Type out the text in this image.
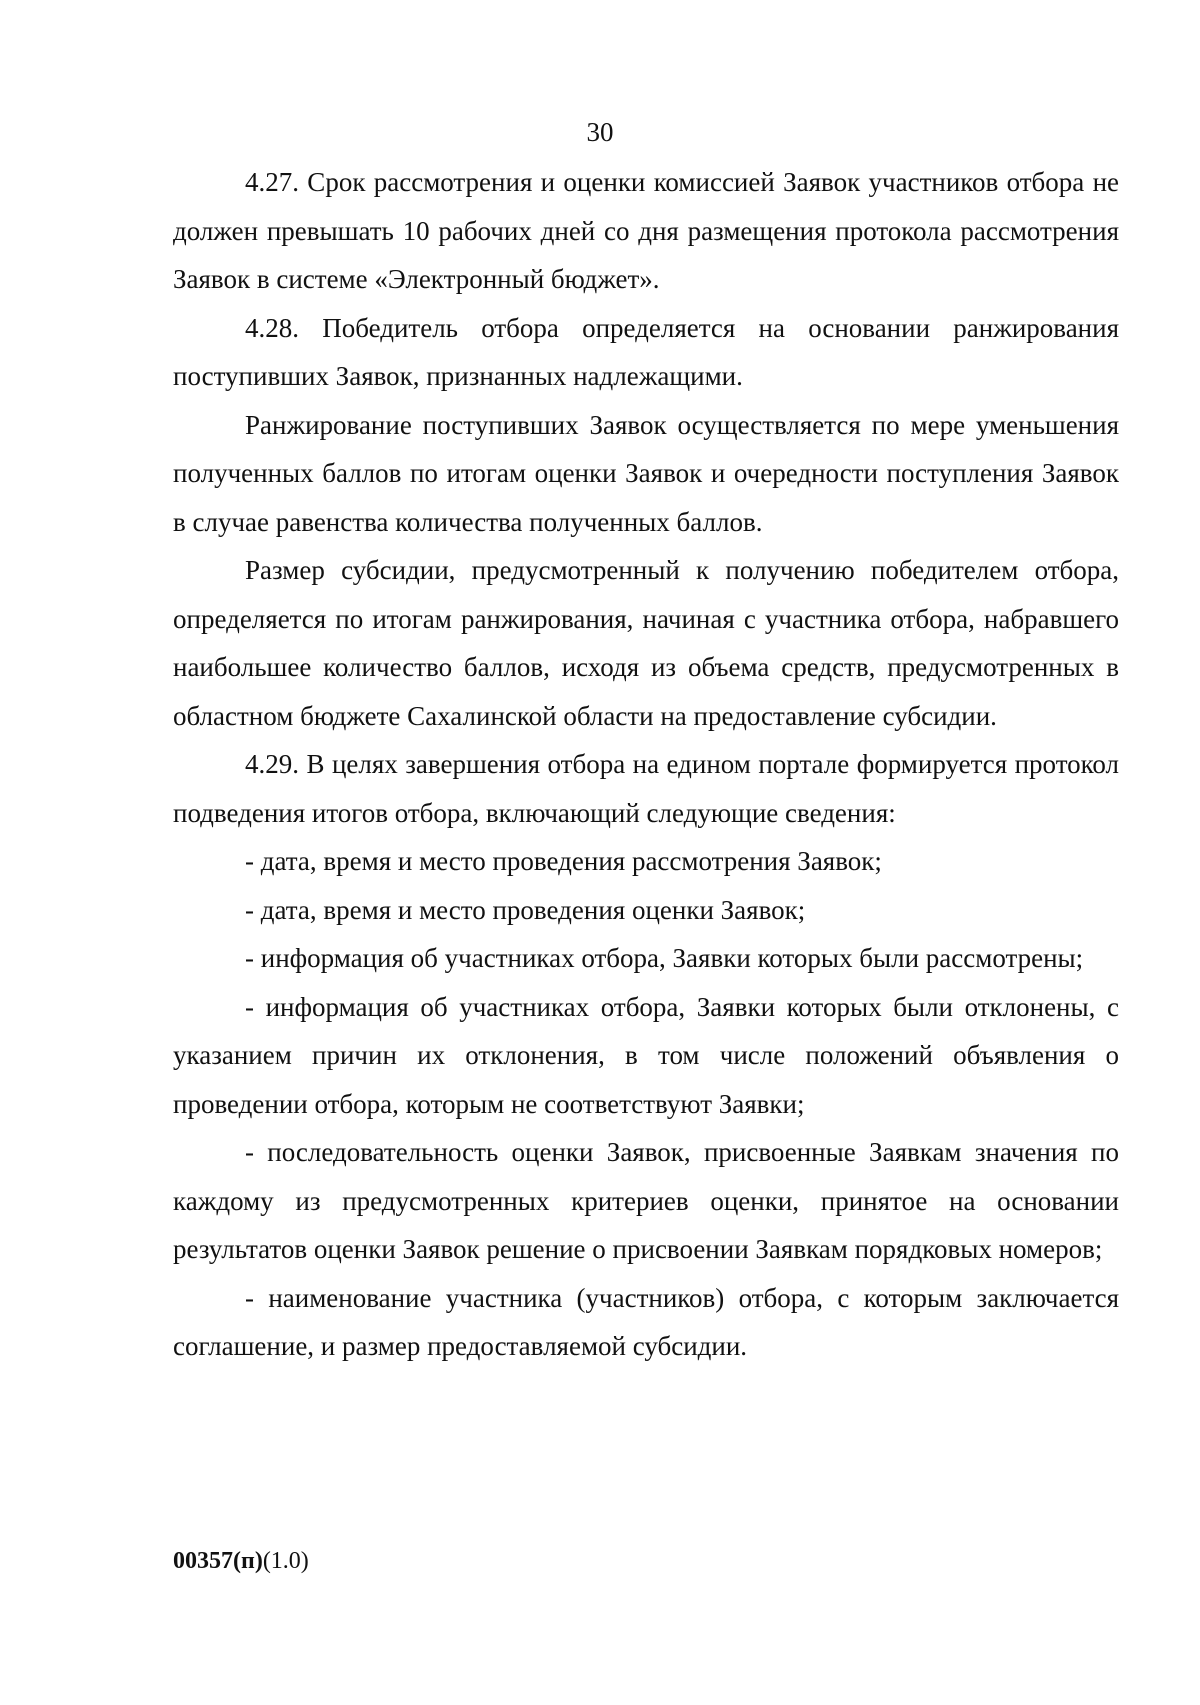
30

4.27. Срок рассмотрения и оценки комиссией Заявок участников отбора не должен превышать 10 рабочих дней со дня размещения протокола рассмотрения Заявок в системе «Электронный бюджет».

4.28. Победитель отбора определяется на основании ранжирования поступивших Заявок, признанных надлежащими.

Ранжирование поступивших Заявок осуществляется по мере уменьшения полученных баллов по итогам оценки Заявок и очередности поступления Заявок в случае равенства количества полученных баллов.

Размер субсидии, предусмотренный к получению победителем отбора, определяется по итогам ранжирования, начиная с участника отбора, набравшего наибольшее количество баллов, исходя из объема средств, предусмотренных в областном бюджете Сахалинской области на предоставление субсидии.

4.29. В целях завершения отбора на едином портале формируется протокол подведения итогов отбора, включающий следующие сведения:

- дата, время и место проведения рассмотрения Заявок;

- дата, время и место проведения оценки Заявок;

- информация об участниках отбора, Заявки которых были рассмотрены;

- информация об участниках отбора, Заявки которых были отклонены, с указанием причин их отклонения, в том числе положений объявления о проведении отбора, которым не соответствуют Заявки;

- последовательность оценки Заявок, присвоенные Заявкам значения по каждому из предусмотренных критериев оценки, принятое на основании результатов оценки Заявок решение о присвоении Заявкам порядковых номеров;

- наименование участника (участников) отбора, с которым заключается соглашение, и размер предоставляемой субсидии.

00357(п)(1.0)
